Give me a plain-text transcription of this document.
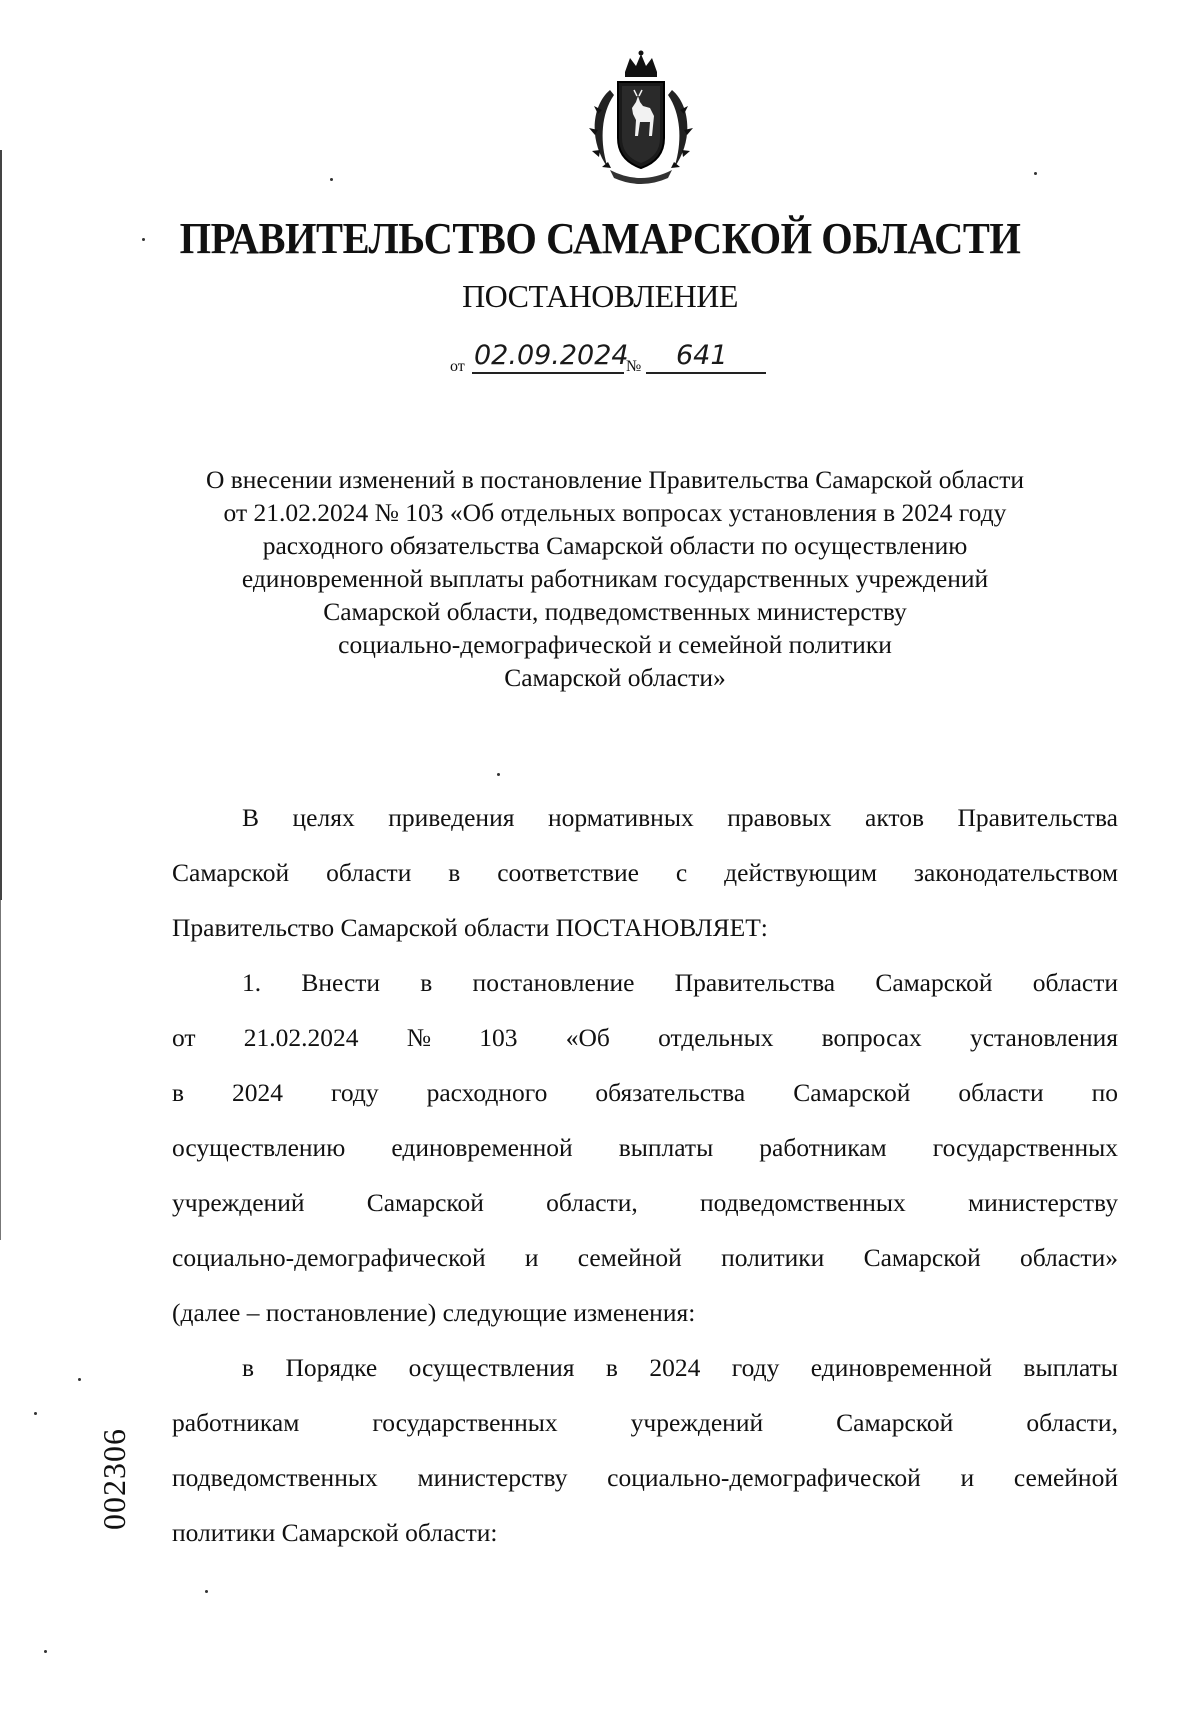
ПРАВИТЕЛЬСТВО САМАРСКОЙ ОБЛАСТИ
ПОСТАНОВЛЕНИЕ
от 02.09.2024
№ 641
О внесении изменений в постановление Правительства Самарской области
от 21.02.2024 № 103 «Об отдельных вопросах установления в 2024 году
расходного обязательства Самарской области по осуществлению
единовременной выплаты работникам государственных учреждений
Самарской области, подведомственных министерству
социально-демографической и семейной политики
Самарской области»
В целях приведения нормативных правовых актов Правительства
Самарской области в соответствие с действующим законодательством
Правительство Самарской области ПОСТАНОВЛЯЕТ:
1. Внести в постановление Правительства Самарской области
от 21.02.2024 № 103 «Об отдельных вопросах установления
в 2024 году расходного обязательства Самарской области по
осуществлению единовременной выплаты работникам государственных
учреждений Самарской области, подведомственных министерству
социально-демографической и семейной политики Самарской области»
(далее – постановление) следующие изменения:
в Порядке осуществления в 2024 году единовременной выплаты
работникам	государственных	учреждений	Самарской	области,
подведомственных министерству социально-демографической и семейной
политики Самарской области:
002306
